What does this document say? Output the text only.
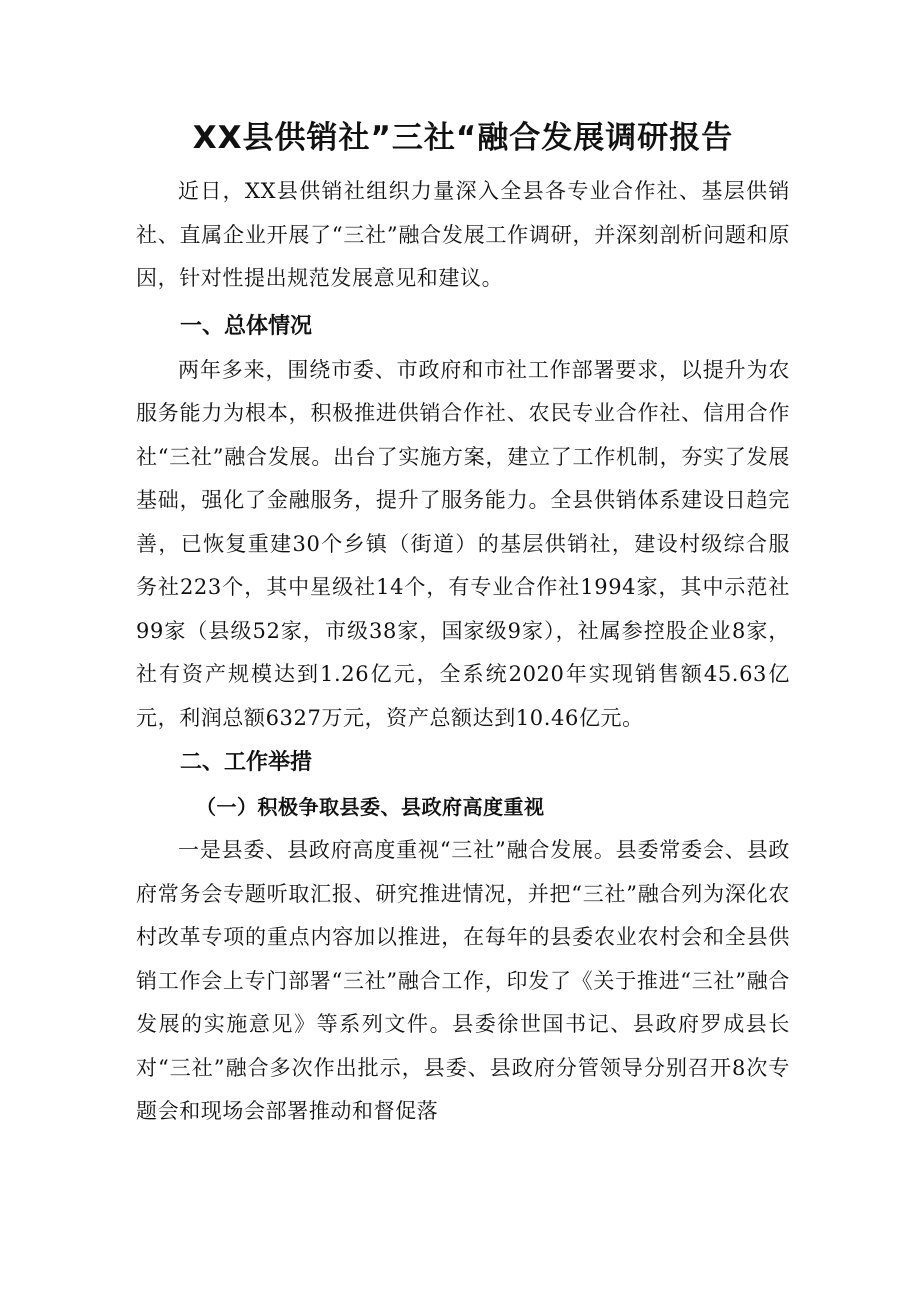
XX县供销社”三社“融合发展调研报告

近日，XX县供销社组织力量深入全县各专业合作社、基层供销社、直属企业开展了“三社”融合发展工作调研，并深刻剖析问题和原因，针对性提出规范发展意见和建议。

一、总体情况

两年多来，围绕市委、市政府和市社工作部署要求，以提升为农服务能力为根本，积极推进供销合作社、农民专业合作社、信用合作社“三社”融合发展。出台了实施方案，建立了工作机制，夯实了发展基础，强化了金融服务，提升了服务能力。全县供销体系建设日趋完善，已恢复重建30个乡镇（街道）的基层供销社，建设村级综合服务社223个，其中星级社14个，有专业合作社1994家，其中示范社99家（县级52家，市级38家，国家级9家），社属参控股企业8家，社有资产规模达到1.26亿元，全系统2020年实现销售额45.63亿元，利润总额6327万元，资产总额达到10.46亿元。

二、工作举措
（一）积极争取县委、县政府高度重视

一是县委、县政府高度重视“三社”融合发展。县委常委会、县政府常务会专题听取汇报、研究推进情况，并把“三社”融合列为深化农村改革专项的重点内容加以推进，在每年的县委农业农村会和全县供销工作会上专门部署“三社”融合工作，印发了《关于推进“三社”融合发展的实施意见》等系列文件。县委徐世国书记、县政府罗成县长对“三社”融合多次作出批示，县委、县政府分管领导分别召开8次专题会和现场会部署推动和督促落
